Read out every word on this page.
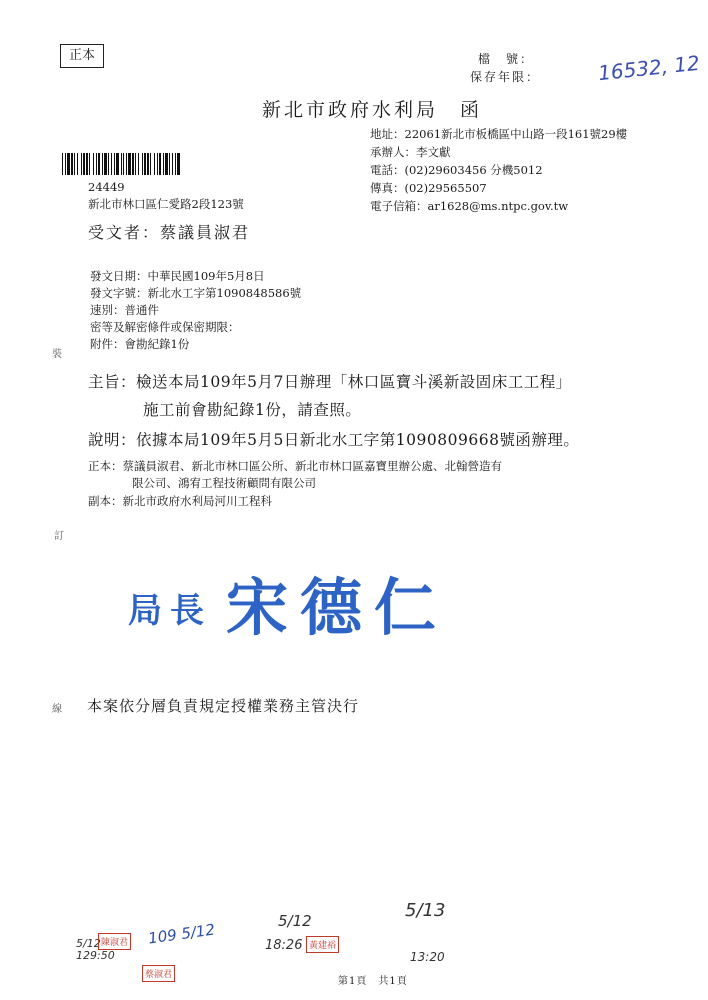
正本
裝
訂
線
檔　號：
保存年限：	16532, 12
新北市政府水利局　函
地址：22061新北市板橋區中山路一段161號29樓
承辦人：李文獻
電話：(02)29603456 分機5012
傳真：(02)29565507
電子信箱：ar1628@ms.ntpc.gov.tw
24449
新北市林口區仁愛路2段123號
受文者：蔡議員淑君
發文日期：中華民國109年5月8日
發文字號：新北水工字第1090848586號
速別：普通件
密等及解密條件或保密期限：
附件：會勘紀錄1份
主旨：檢送本局109年5月7日辦理「林口區寶斗溪新設固床工工程」
施工前會勘紀錄1份，請查照。
說明：依據本局109年5月5日新北水工字第1090809668號函辦理。
正本：蔡議員淑君、新北市林口區公所、新北市林口區嘉寶里辦公處、北翰營造有
限公司、鴻宥工程技術顧問有限公司
副本：新北市政府水利局河川工程科
局長 宋德仁
本案依分層負責規定授權業務主管決行
5/12
129:50
陳淑君 109 5/12
蔡淑君
5/12
18:26 黃建裕
5/13
13:20
第1頁　共1頁
